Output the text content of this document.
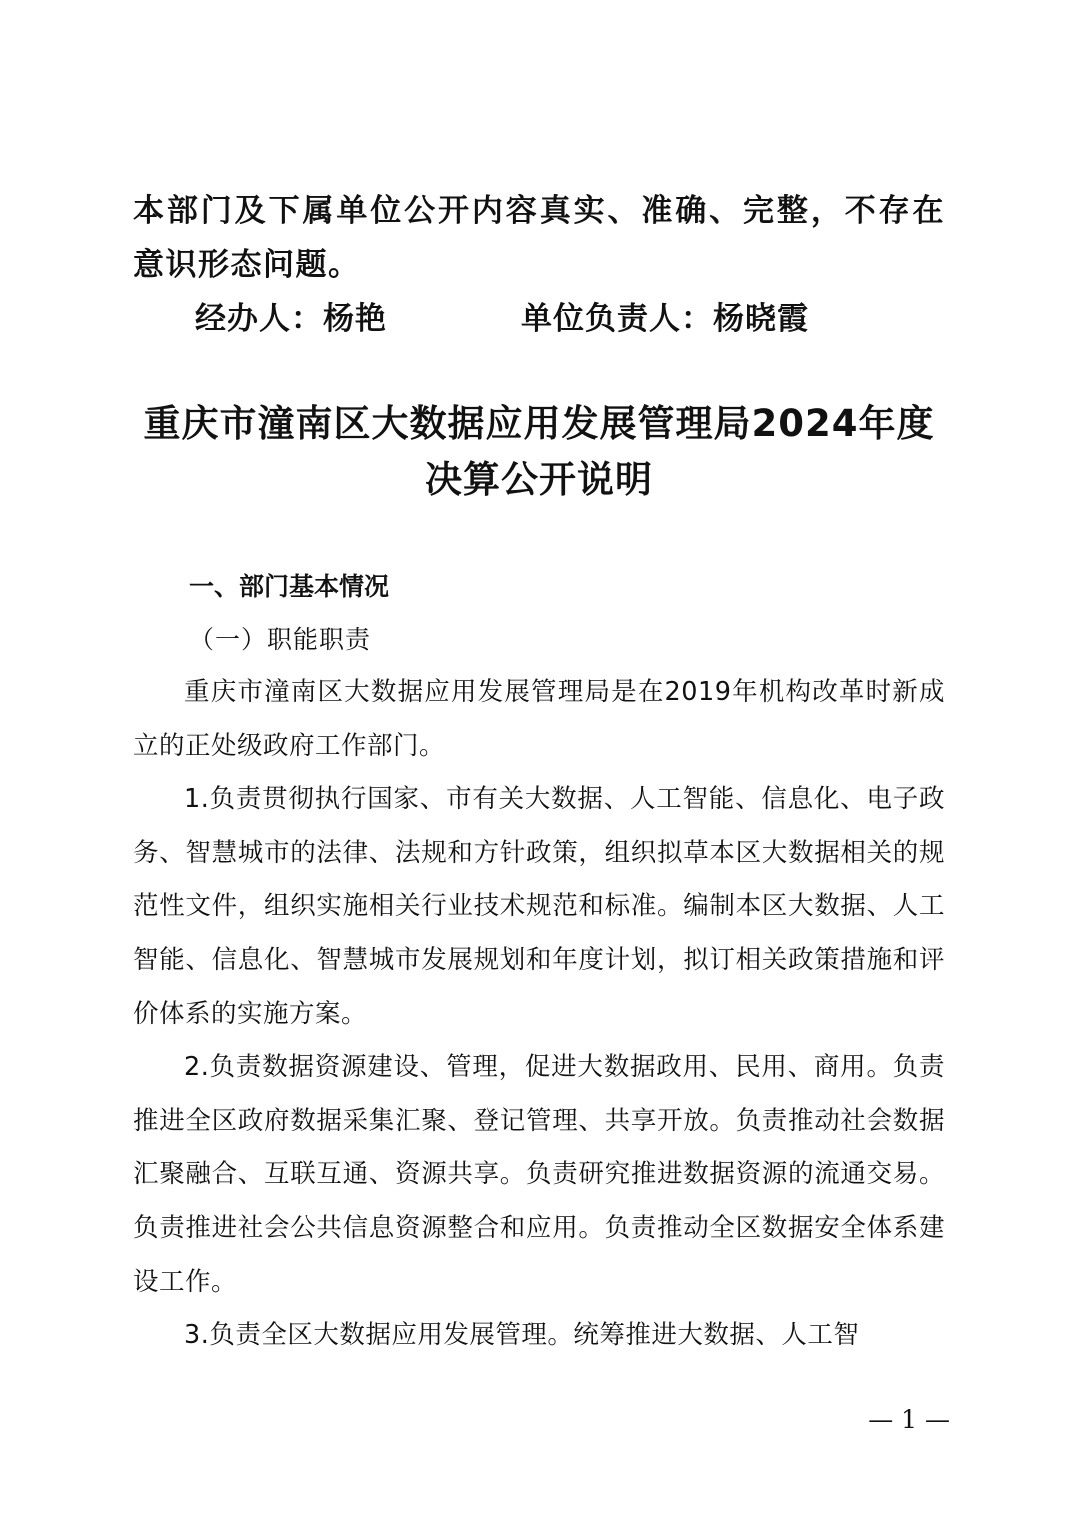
本部门及下属单位公开内容真实、准确、完整，不存在意识形态问题。
经办人：杨艳	单位负责人：杨晓霞
重庆市潼南区大数据应用发展管理局2024年度决算公开说明
一、部门基本情况
（一）职能职责

重庆市潼南区大数据应用发展管理局是在2019年机构改革时新成立的正处级政府工作部门。

1.负责贯彻执行国家、市有关大数据、人工智能、信息化、电子政务、智慧城市的法律、法规和方针政策，组织拟草本区大数据相关的规范性文件，组织实施相关行业技术规范和标准。编制本区大数据、人工智能、信息化、智慧城市发展规划和年度计划，拟订相关政策措施和评价体系的实施方案。

2.负责数据资源建设、管理，促进大数据政用、民用、商用。负责推进全区政府数据采集汇聚、登记管理、共享开放。负责推动社会数据汇聚融合、互联互通、资源共享。负责研究推进数据资源的流通交易。负责推进社会公共信息资源整合和应用。负责推动全区数据安全体系建设工作。

3.负责全区大数据应用发展管理。统筹推进大数据、人工智

— 1 —
